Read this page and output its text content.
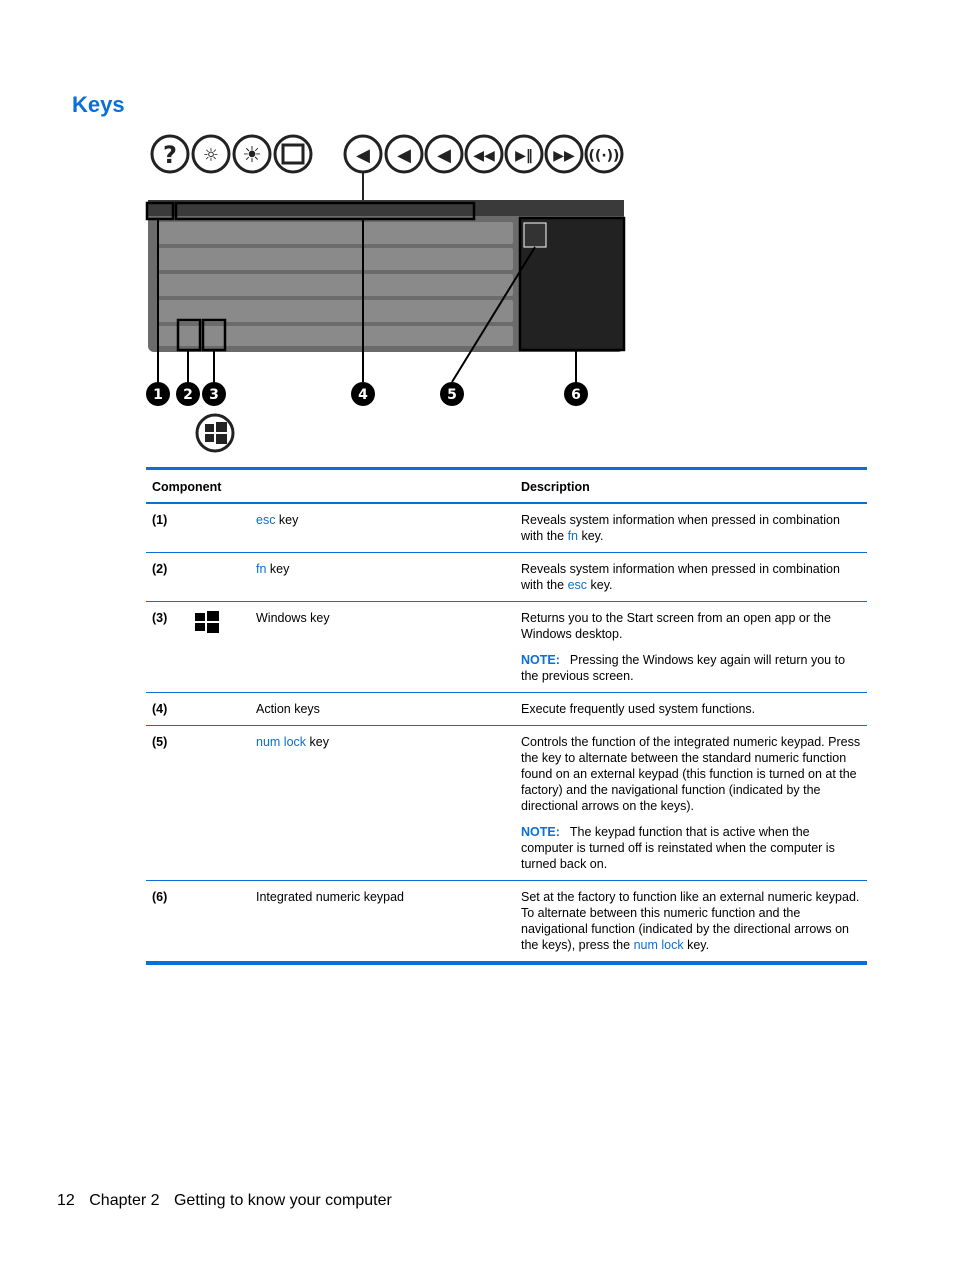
Keys
? ☼ ☀	◀ ◀ ◀ ◀◀ ▶‖ ▶▶ ((·))
1 2 3	4	5	6
Component		Description
(1)	esc key	Reveals system information when pressed in combination with the fn key.
(2)	fn key	Reveals system information when pressed in combination with the esc key.
(3)	Windows key	Returns you to the Start screen from an open app or the Windows desktop.
NOTE: Pressing the Windows key again will return you to the previous screen.

(4)	Action keys	Execute frequently used system functions.
(5)	num lock key	Controls the function of the integrated numeric keypad. Press the key to alternate between the standard numeric function found on an external keypad (this function is turned on at the factory) and the navigational function (indicated by the directional arrows on the keys).
NOTE: The keypad function that is active when the computer is turned off is reinstated when the computer is turned back on.

(6)	Integrated numeric keypad	Set at the factory to function like an external numeric keypad. To alternate between this numeric function and the navigational function (indicated by the directional arrows on the keys), press the num lock key.
12 Chapter 2 Getting to know your computer
